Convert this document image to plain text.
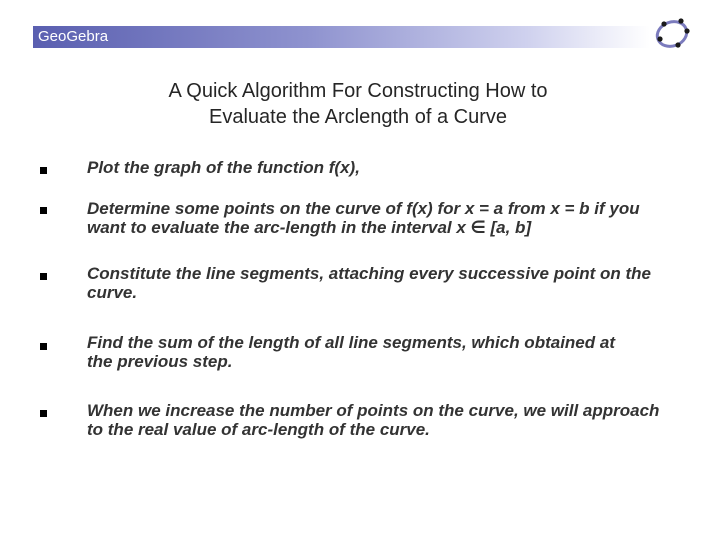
GeoGebra
A Quick Algorithm For Constructing How to
Evaluate the Arclength of a Curve
Plot the graph of the function f(x),
Determine some points on the curve of f(x) for x = a from x = b if you want to evaluate the arc-length in the interval x ∈ [a, b]
Constitute the line segments, attaching every successive point on the curve.
Find the sum of the length of all line segments, which obtained at the previous step.
When we increase the number of points on the curve, we will approach to the real value of arc-length of the curve.
